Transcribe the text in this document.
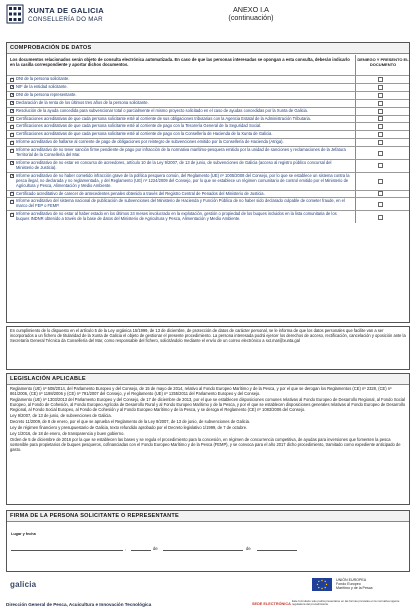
XUNTA DE GALICIA
CONSELLERÍA DO MAR
ANEXO I.A
(continuación)
COMPROBACIÓN DE DATOS
Los documentos relacionados serán objeto de consulta electrónica automatizada. En caso de que las personas interesadas se opongan a esta consulta, deberán indicarlo en la casilla correspondiente y aportar dichos documentos.
DENIEGO Y PRESENTO EL DOCUMENTO
×
DNI de la persona solicitante.
×
NIF de la entidad solicitante.
×
DNI de la persona representante.
×
Declaración de la renta de los últimos tres años de la persona solicitante.
×
Resolución de la ayuda concedida para subvencionar total o parcialmente el mismo proyecto solicitado en el caso de ayudas concedidas por la Xunta de Galicia.
×
Certificaciones acreditativas de que cada persona solicitante esté al corriente de sus obligaciones tributarias con la Agencia Estatal de la Administración Tributaria.
×
Certificaciones acreditativas de que cada persona solicitante esté al corriente de pago con la Tesorería General de la Seguridad Social.
×
Certificaciones acreditativas de que cada persona solicitante esté al corriente de pago con la Consellería de Hacienda de la Xunta de Galicia.
×
Informe acreditativo de hallarse al corriente de pago de obligaciones por reintegro de subvenciones emitido por la Consellería de Hacienda (Atriga).
×
Informe acreditativo de no tener sanción firme pendiente de pago por infracción de la normativa marítimo-pesquera emitido por la unidad de sanciones y reclamaciones de la Jefatura Territorial de la Consellería del Mar.
×
Informe acreditativo de no estar en concurso de acreedores, artículo 10 de la Ley 9/2007, de 13 de junio, de subvenciones de Galicia (acceso al registro público concursal del Ministerio de Justicia).
×
Informe acreditativo de no haber cometido infracción grave de la política pesquera común, del Reglamento (UE) nº 1005/2008 del Consejo, por lo que se establece un sistema contra la pesca ilegal, no declarada y no reglamentada, y del Reglamento (UE) nº 1224/2009 del Consejo, por lo que se establece un régimen comunitario de control emitido por el Ministerio de Agricultura y Pesca, Alimentación y Medio Ambiente.
×
Certificado acreditativo de carecer de antecedentes penales obtenido a través del Registro Central de Penados del Ministerio de Justicia.
×
Informe acreditativo del sistema nacional de publicación de subvenciones del Ministerio de Hacienda y Función Pública de no haber sido declarado culpable de cometer fraude, en el marco del FEP o FEMP.
×
Informe acreditativo de no estar al haber estado en los últimos 24 meses involucrado en la explotación, gestión o propiedad de los buques incluidos en la lista comunitaria de los buques INDNR obtenido a través de la base de datos del Ministerio de Agricultura y Pesca, Alimentación y Medio Ambiente.
En cumplimiento de lo dispuesto en el artículo 5 de la Ley orgánica 15/1999, de 13 de diciembre, de protección de datos de carácter personal, se le informa de que los datos personales que facilite van a ser incorporados a un fichero de titularidad de la Xunta de Galicia el objeto de gestionar el presente procedimiento. La persona interesada podrá ejercer los derechos de acceso, rectificación, cancelación y oposición ante la Secretaría General Técnica da Consellería del Mar, como responsable del fichero, solicitándolo mediante el envío de un correo electrónico a sxt.mar@xunta.gal
LEGISLACIÓN APLICABLE

Reglamento (UE) nº 508/2014, del Parlamento Europeo y del Consejo, de 15 de mayo de 2014, relativo al Fondo Europeo Marítimo y de la Pesca, y por el que se derogan los Reglamentos (CE) nº 2328, (CE) nº 861/2006, (CE) nº 1198/2006 y (CE) nº 791/2007 del Consejo, y el Reglamento (UE) nº 1255/2011 del Parlamento Europeo y del Consejo.

Reglamento (UE) nº 1303/2013 del Parlamento Europeo y del Consejo, de 17 de diciembre de 2013, por el que se establecen disposiciones comunes relativas al Fondo Europeo de Desarrollo Regional, al Fondo Social Europeo, al Fondo de Cohesión, al Fondo Europeo Agrícola de Desarrollo Rural y al Fondo Europeo Marítimo y de la Pesca, y por el que se establecen disposiciones generales relativas al Fondo Europeo de Desarrollo Regional, al Fondo Social Europeo, al Fondo de Cohesión y al Fondo Europeo Marítimo y de la Pesca, y se deroga el Reglamento (CE) nº 1083/2006 del Consejo.

Ley 9/2007, de 13 de junio, de subvenciones de Galicia.

Decreto 11/2009, de 8 de enero, por el que se aprueba el Reglamento de la Ley 9/2007, de 13 de junio, de subvenciones de Galicia.

Ley de régimen financiero y presupuestario de Galicia, texto refundido aprobado por el Decreto legislativo 1/1999, de 7 de octubre.

Ley 1/2016, de 18 de enero, de transparencia y buen gobierno.

Orden de 5 de diciembre de 2016 por la que se establecen las bases y se regula el procedimiento para la concesión, en régimen de concurrencia competitiva, de ayudas para inversiones que fomenten la pesca sostenible para propietarios de buques pesqueros, cofinanciadas con el Fondo Europeo Marítimo y de la Pesca (FEMP), y se convoca para el año 2017 dicho procedimiento, tramitado como expediente anticipado de gasto.

FIRMA DE LA PERSONA SOLICITANTE O REPRESENTANTE
Lugar y fecha
,	de	de
galicia
Dirección General de Pesca, Acuicultura e Innovación Tecnológica
UNIÓN EUROPEA
Fondo Europeo
Marítimo y de la Pesca
SEDE ELECTRÓNICA
Este formulario solo podrá presentarse en las formas previstas en la normativa vigente reguladora del procedimiento
